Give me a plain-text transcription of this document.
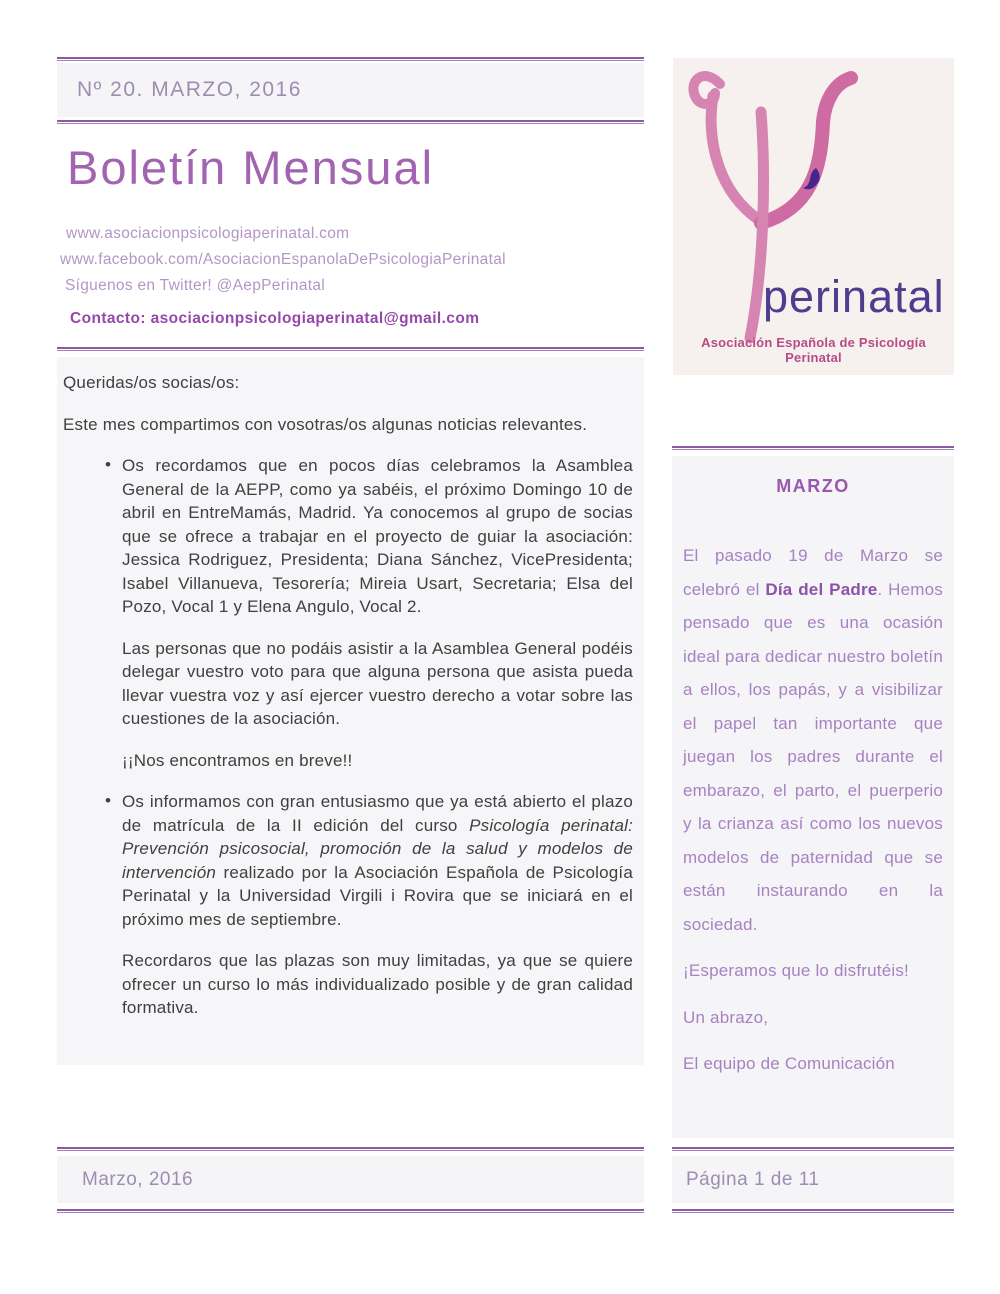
Nº 20. MARZO, 2016
Boletín Mensual
www.asociacionpsicologiaperinatal.com
www.facebook.com/AsociacionEspanolaDePsicologiaPerinatal
Síguenos en Twitter! @AepPerinatal
Contacto: asociacionpsicologiaperinatal@gmail.com

Queridas/os socias/os:

Este mes compartimos con vosotras/os algunas noticias relevantes.

• Os recordamos que en pocos días celebramos la Asamblea General de la AEPP, como ya sabéis, el próximo Domingo 10 de abril en EntreMamás, Madrid. Ya conocemos al grupo de socias que se ofrece a trabajar en el proyecto de guiar la asociación: Jessica Rodriguez, Presidenta; Diana Sánchez, VicePresidenta; Isabel Villanueva, Tesorería; Mireia Usart, Secretaria; Elsa del Pozo, Vocal 1 y Elena Angulo, Vocal 2.

Las personas que no podáis asistir a la Asamblea General podéis delegar vuestro voto para que alguna persona que asista pueda llevar vuestra voz y así ejercer vuestro derecho a votar sobre las cuestiones de la asociación.

¡¡Nos encontramos en breve!!

• Os informamos con gran entusiasmo que ya está abierto el plazo de matrícula de la II edición del curso Psicología perinatal: Prevención psicosocial, promoción de la salud y modelos de intervención realizado por la Asociación Española de Psicología Perinatal y la Universidad Virgili i Rovira que se iniciará en el próximo mes de septiembre.

Recordaros que las plazas son muy limitadas, ya que se quiere ofrecer un curso lo más individualizado posible y de gran calidad formativa.

Marzo, 2016
perinatal
Asociación Española de Psicología Perinatal
MARZO

El pasado 19 de Marzo se celebró el Día del Padre. Hemos pensado que es una ocasión ideal para dedicar nuestro boletín a ellos, los papás, y a visibilizar el papel tan importante que juegan los padres durante el embarazo, el parto, el puerperio y la crianza así como los nuevos modelos de paternidad que se están instaurando en la sociedad.

¡Esperamos que lo disfrutéis!

Un abrazo,

El equipo de Comunicación

Página 1 de 11
